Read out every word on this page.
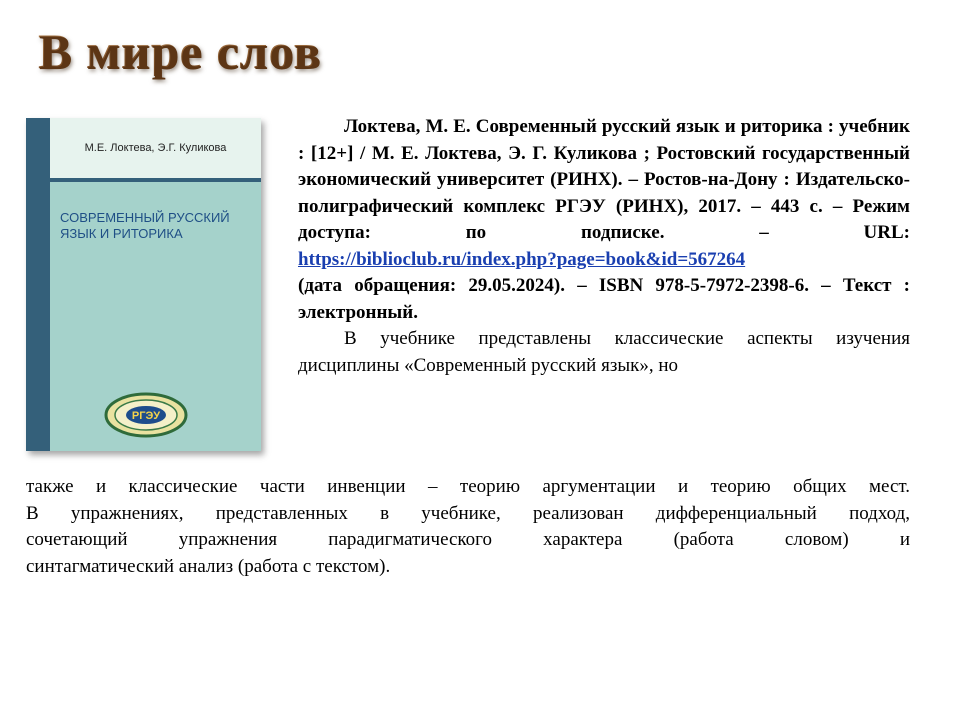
В мире слов
М.Е. Локтева, Э.Г. Куликова
СОВРЕМЕННЫЙ РУССКИЙ
ЯЗЫК И РИТОРИКА
РГЭУ

Локтева, М. Е. Современный русский язык и риторика : учебник : [12+] / М. Е. Локтева, Э. Г. Куликова ; Ростовский государственный экономический университет (РИНХ). – Ростов-на-Дону : Издательско-полиграфический комплекс РГЭУ (РИНХ), 2017. – 443 с. – Режим доступа: по подписке. – URL:

https://biblioclub.ru/index.php?page=book&id=567264

(дата обращения: 29.05.2024). – ISBN 978-5-7972-2398-6. – Текст : электронный.

В учебнике представлены классические аспекты изучения дисциплины «Современный русский язык», но

также и классические части инвенции – теорию аргументации и теорию общих мест.
В упражнениях, представленных в учебнике, реализован дифференциальный подход,
сочетающий упражнения парадигматического характера (работа словом) и
синтагматический анализ (работа с текстом).
